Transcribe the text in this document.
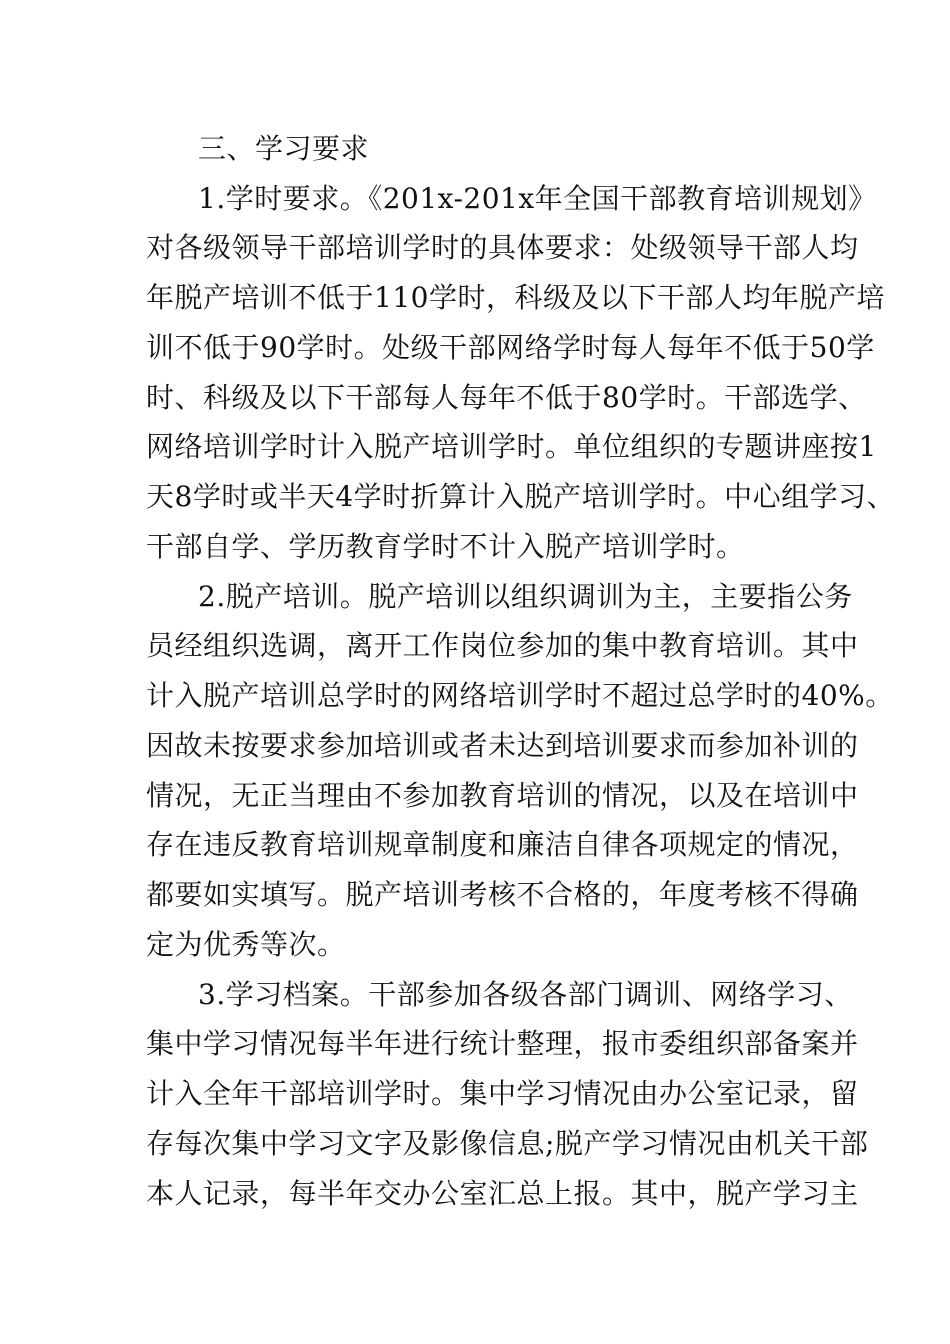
三、学习要求
1.学时要求。《201x-201x年全国干部教育培训规划》
对各级领导干部培训学时的具体要求：处级领导干部人均
年脱产培训不低于110学时，科级及以下干部人均年脱产培
训不低于90学时。处级干部网络学时每人每年不低于50学
时、科级及以下干部每人每年不低于80学时。干部选学、
网络培训学时计入脱产培训学时。单位组织的专题讲座按1
天8学时或半天4学时折算计入脱产培训学时。中心组学习、
干部自学、学历教育学时不计入脱产培训学时。
2.脱产培训。脱产培训以组织调训为主，主要指公务
员经组织选调，离开工作岗位参加的集中教育培训。其中
计入脱产培训总学时的网络培训学时不超过总学时的40%。
因故未按要求参加培训或者未达到培训要求而参加补训的
情况，无正当理由不参加教育培训的情况，以及在培训中
存在违反教育培训规章制度和廉洁自律各项规定的情况，
都要如实填写。脱产培训考核不合格的，年度考核不得确
定为优秀等次。
3.学习档案。干部参加各级各部门调训、网络学习、
集中学习情况每半年进行统计整理，报市委组织部备案并
计入全年干部培训学时。集中学习情况由办公室记录，留
存每次集中学习文字及影像信息;脱产学习情况由机关干部
本人记录，每半年交办公室汇总上报。其中，脱产学习主
